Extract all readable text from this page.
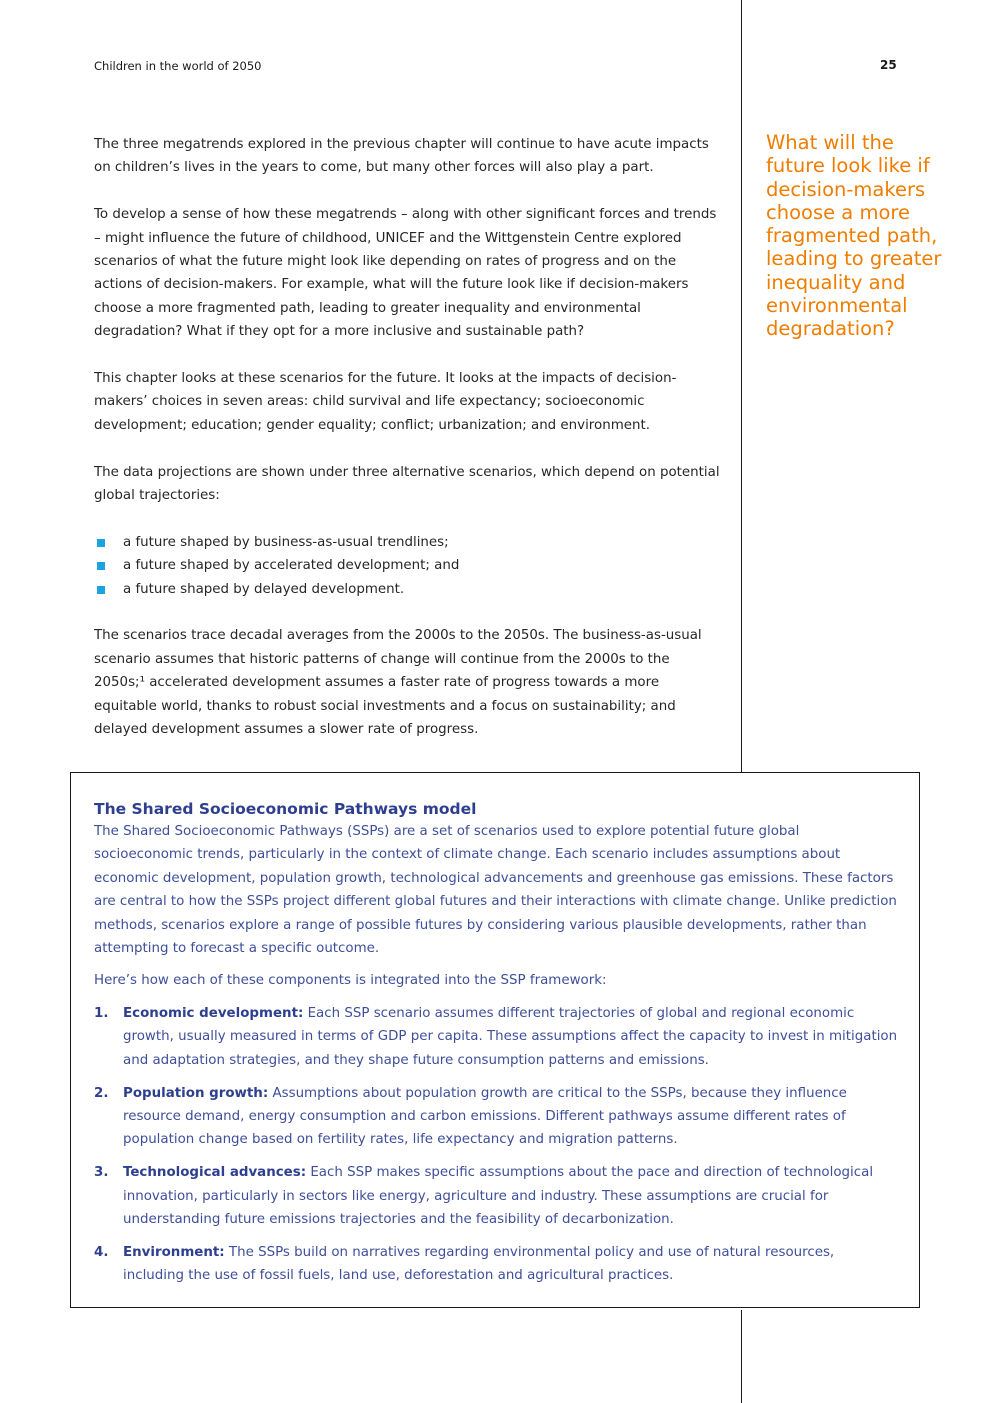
Children in the world of 2050	25

The three megatrends explored in the previous chapter will continue to have acute impacts on children’s lives in the years to come, but many other forces will also play a part.

To develop a sense of how these megatrends – along with other significant forces and trends – might influence the future of childhood, UNICEF and the Wittgenstein Centre explored scenarios of what the future might look like depending on rates of progress and on the actions of decision-makers. For example, what will the future look like if decision-makers choose a more fragmented path, leading to greater inequality and environmental degradation? What if they opt for a more inclusive and sustainable path?

This chapter looks at these scenarios for the future. It looks at the impacts of decision-makers’ choices in seven areas: child survival and life expectancy; socioeconomic development; education; gender equality; conflict; urbanization; and environment.

The data projections are shown under three alternative scenarios, which depend on potential global trajectories:

a future shaped by business-as-usual trendlines;
a future shaped by accelerated development; and
a future shaped by delayed development.

The scenarios trace decadal averages from the 2000s to the 2050s. The business-as-usual scenario assumes that historic patterns of change will continue from the 2000s to the 2050s;¹ accelerated development assumes a faster rate of progress towards a more equitable world, thanks to robust social investments and a focus on sustainability; and delayed development assumes a slower rate of progress.

What will the future look like if decision-makers choose a more fragmented path, leading to greater inequality and environmental degradation?
The Shared Socioeconomic Pathways model

The Shared Socioeconomic Pathways (SSPs) are a set of scenarios used to explore potential future global socioeconomic trends, particularly in the context of climate change. Each scenario includes assumptions about economic development, population growth, technological advancements and greenhouse gas emissions. These factors are central to how the SSPs project different global futures and their interactions with climate change. Unlike prediction methods, scenarios explore a range of possible futures by considering various plausible developments, rather than attempting to forecast a specific outcome.

Here’s how each of these components is integrated into the SSP framework:

1. Economic development: Each SSP scenario assumes different trajectories of global and regional economic growth, usually measured in terms of GDP per capita. These assumptions affect the capacity to invest in mitigation and adaptation strategies, and they shape future consumption patterns and emissions.
2. Population growth: Assumptions about population growth are critical to the SSPs, because they influence resource demand, energy consumption and carbon emissions. Different pathways assume different rates of population change based on fertility rates, life expectancy and migration patterns.
3. Technological advances: Each SSP makes specific assumptions about the pace and direction of technological innovation, particularly in sectors like energy, agriculture and industry. These assumptions are crucial for understanding future emissions trajectories and the feasibility of decarbonization.
4. Environment: The SSPs build on narratives regarding environmental policy and use of natural resources, including the use of fossil fuels, land use, deforestation and agricultural practices.
